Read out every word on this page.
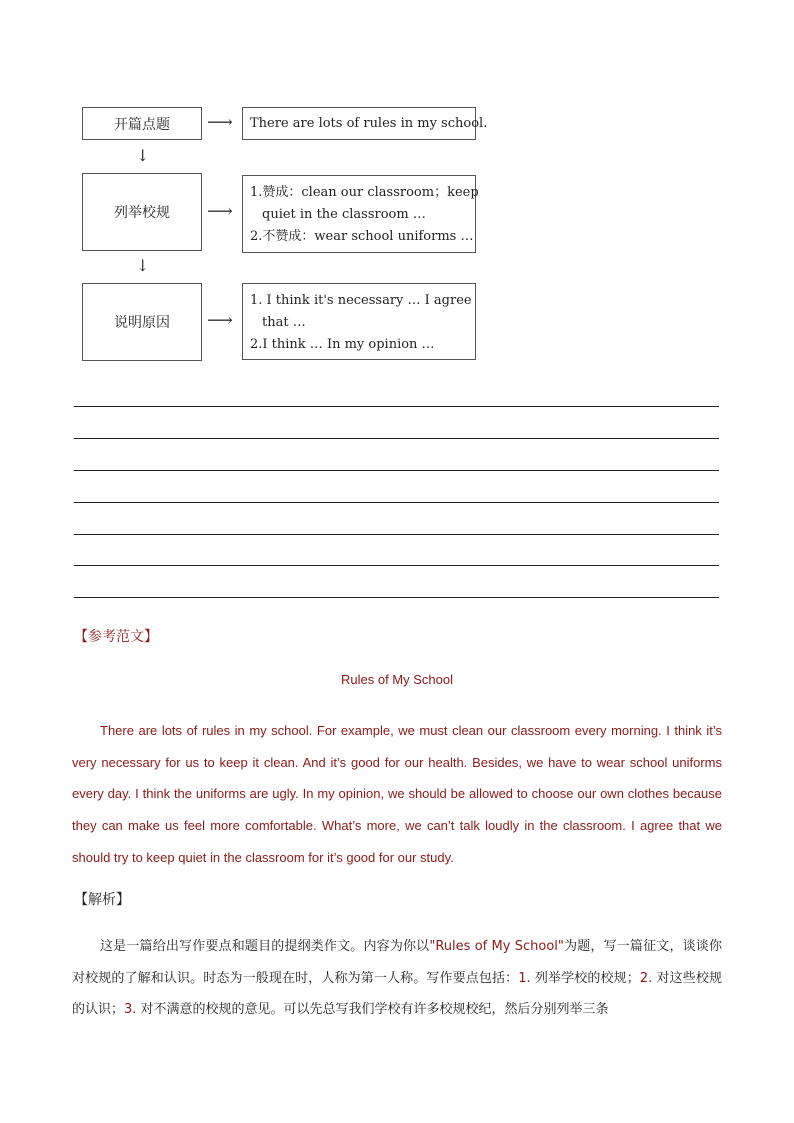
开篇点题 ⟶ There are lots of rules in my school.
↓
列举校规 ⟶
1.赞成：clean our classroom；keep
quiet in the classroom …
2.不赞成：wear school uniforms …
↓
说明原因 ⟶
1. I think it's necessary … I agree
that …
2.I think … In my opinion …
【参考范文】
Rules of My School

There are lots of rules in my school. For example, we must clean our classroom every morning. I think it’s very necessary for us to keep it clean. And it’s good for our health. Besides, we have to wear school uniforms every day. I think the uniforms are ugly. In my opinion, we should be allowed to choose our own clothes because they can make us feel more comfortable. What’s more, we can’t talk loudly in the classroom. I agree that we should try to keep quiet in the classroom for it’s good for our study.

【解析】

这是一篇给出写作要点和题目的提纲类作文。内容为你以"Rules of My School"为题，写一篇征文，谈谈你对校规的了解和认识。时态为一般现在时，人称为第一人称。写作要点包括：1. 列举学校的校规；2. 对这些校规的认识；3. 对不满意的校规的意见。可以先总写我们学校有许多校规校纪，然后分别列举三条
